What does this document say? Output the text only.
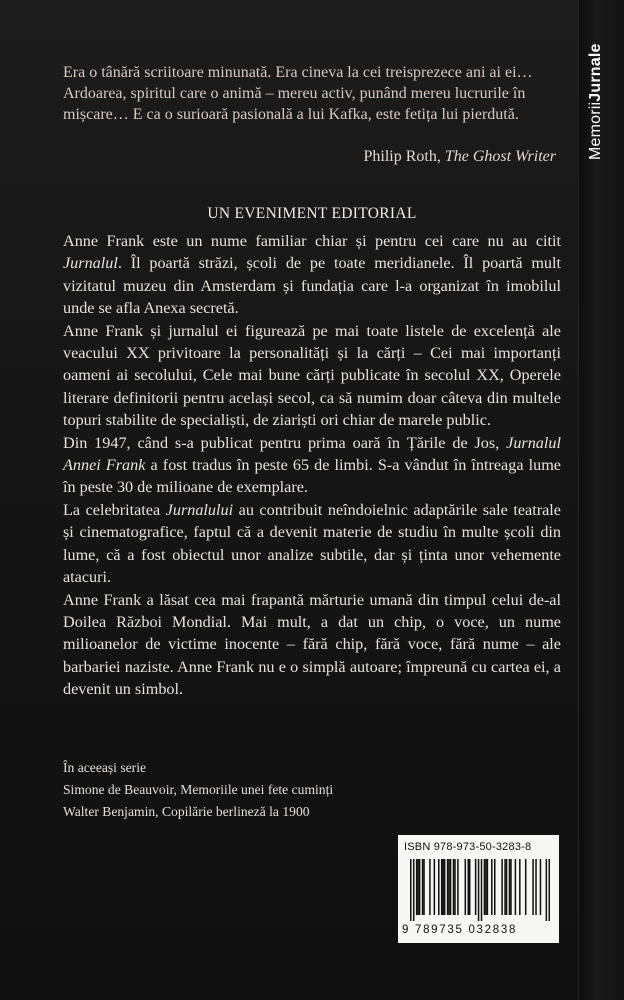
MemoriiJurnale
Era o tânără scriitoare minunată. Era cineva la cei treisprezece ani ai ei… Ardoarea, spiritul care o animă – mereu activ, punând mereu lucrurile în mișcare… E ca o surioară pasională a lui Kafka, este fetița lui pierdută.
Philip Roth, The Ghost Writer
UN EVENIMENT EDITORIAL

Anne Frank este un nume familiar chiar și pentru cei care nu au citit Jurnalul. Îl poartă străzi, școli de pe toate meridianele. Îl poartă mult vizitatul muzeu din Amsterdam și fundația care l-a organizat în imobilul unde se afla Anexa secretă.

Anne Frank și jurnalul ei figurează pe mai toate listele de excelență ale veacului XX privitoare la personalități și la cărți – Cei mai importanți oameni ai secolului, Cele mai bune cărți publicate în secolul XX, Operele literare definitorii pentru același secol, ca să numim doar câteva din multele topuri stabilite de specialiști, de ziariști ori chiar de marele public.

Din 1947, când s-a publicat pentru prima oară în Țările de Jos, Jurnalul Annei Frank a fost tradus în peste 65 de limbi. S-a vândut în întreaga lume în peste 30 de milioane de exemplare.

La celebritatea Jurnalului au contribuit neîndoielnic adaptările sale teatrale și cinematografice, faptul că a devenit materie de studiu în multe școli din lume, că a fost obiectul unor analize subtile, dar și ținta unor vehemente atacuri.

Anne Frank a lăsat cea mai frapantă mărturie umană din timpul celui de-al Doilea Război Mondial. Mai mult, a dat un chip, o voce, un nume milioanelor de victime inocente – fără chip, fără voce, fără nume – ale barbariei naziste. Anne Frank nu e o simplă autoare; împreună cu cartea ei, a devenit un simbol.

În aceeași serie
Simone de Beauvoir, Memoriile unei fete cuminți
Walter Benjamin, Copilărie berlineză la 1900
ISBN 978-973-50-3283-8
9 789735 032838
